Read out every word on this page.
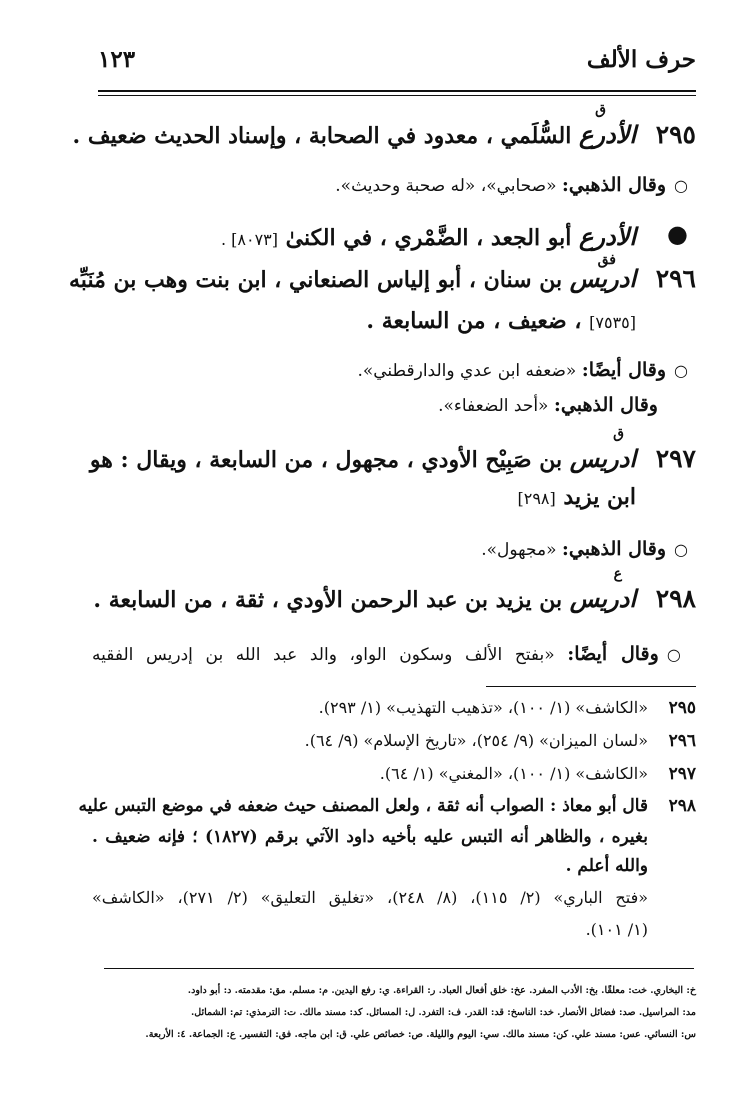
حرف الألف
١٢٣
٢٩٥
ق
الأدرع السُّلَمي ، معدود في الصحابة ، وإسناد الحديث ضعيف .
○وقال الذهبي: «صحابي»، «له صحبة وحديث».
●
الأدرع أبو الجعد ، الضَّمْري ، في الكنىٰ [٨٠٧٣] .
٢٩٦
فق
ادريس بن سنان ، أبو إلياس الصنعاني ، ابن بنت وهب بن مُنَبِّه
[٧٥٣٥] ، ضعيف ، من السابعة .
○وقال أيضًا: «ضعفه ابن عدي والدارقطني».
وقال الذهبي: «أحد الضعفاء».
٢٩٧
ق
ادريس بن صَبِيْح الأودي ، مجهول ، من السابعة ، ويقال : هو
ابن يزيد [٢٩٨]
○وقال الذهبي: «مجهول».
٢٩٨
ع
ادريس بن يزيد بن عبد الرحمن الأودي ، ثقة ، من السابعة .
○وقال أيضًا: «بفتح الألف وسكون الواو، والد عبد الله بن إدريس الفقيه
٢٩٥
«الكاشف» (١/ ١٠٠)، «تذهيب التهذيب» (١/ ٢٩٣).
٢٩٦
«لسان الميزان» (٩/ ٢٥٤)، «تاريخ الإسلام» (٩/ ٦٤).
٢٩٧
«الكاشف» (١/ ١٠٠)، «المغني» (١/ ٦٤).
٢٩٨
قال أبو معاذ : الصواب أنه ثقة ، ولعل المصنف حيث ضعفه في موضع التبس عليه
بغيره ، والظاهر أنه التبس عليه بأخيه داود الآتي برقم (١٨٢٧) ؛ فإنه ضعيف .
والله أعلم .
«فتح الباري» (٢/ ١١٥)، (٨/ ٢٤٨)، «تغليق التعليق» (٢/ ٢٧١)، «الكاشف»
(١/ ١٠١).
خ: البخاري. خت: معلقًا. بخ: الأدب المفرد. عخ: خلق أفعال العباد. ر: القراءة. ي: رفع اليدين. م: مسلم. مق: مقدمته. د: أبو داود.
مد: المراسيل. صد: فضائل الأنصار. خد: الناسخ: قد: القدر. ف: التفرد. ل: المسائل. كد: مسند مالك. ت: الترمذي: تم: الشمائل.
س: النسائي. عس: مسند علي. كن: مسند مالك. سي: اليوم والليلة. ص: خصائص علي. ق: ابن ماجه. فق: التفسير. ع: الجماعة. ٤: الأربعة.
